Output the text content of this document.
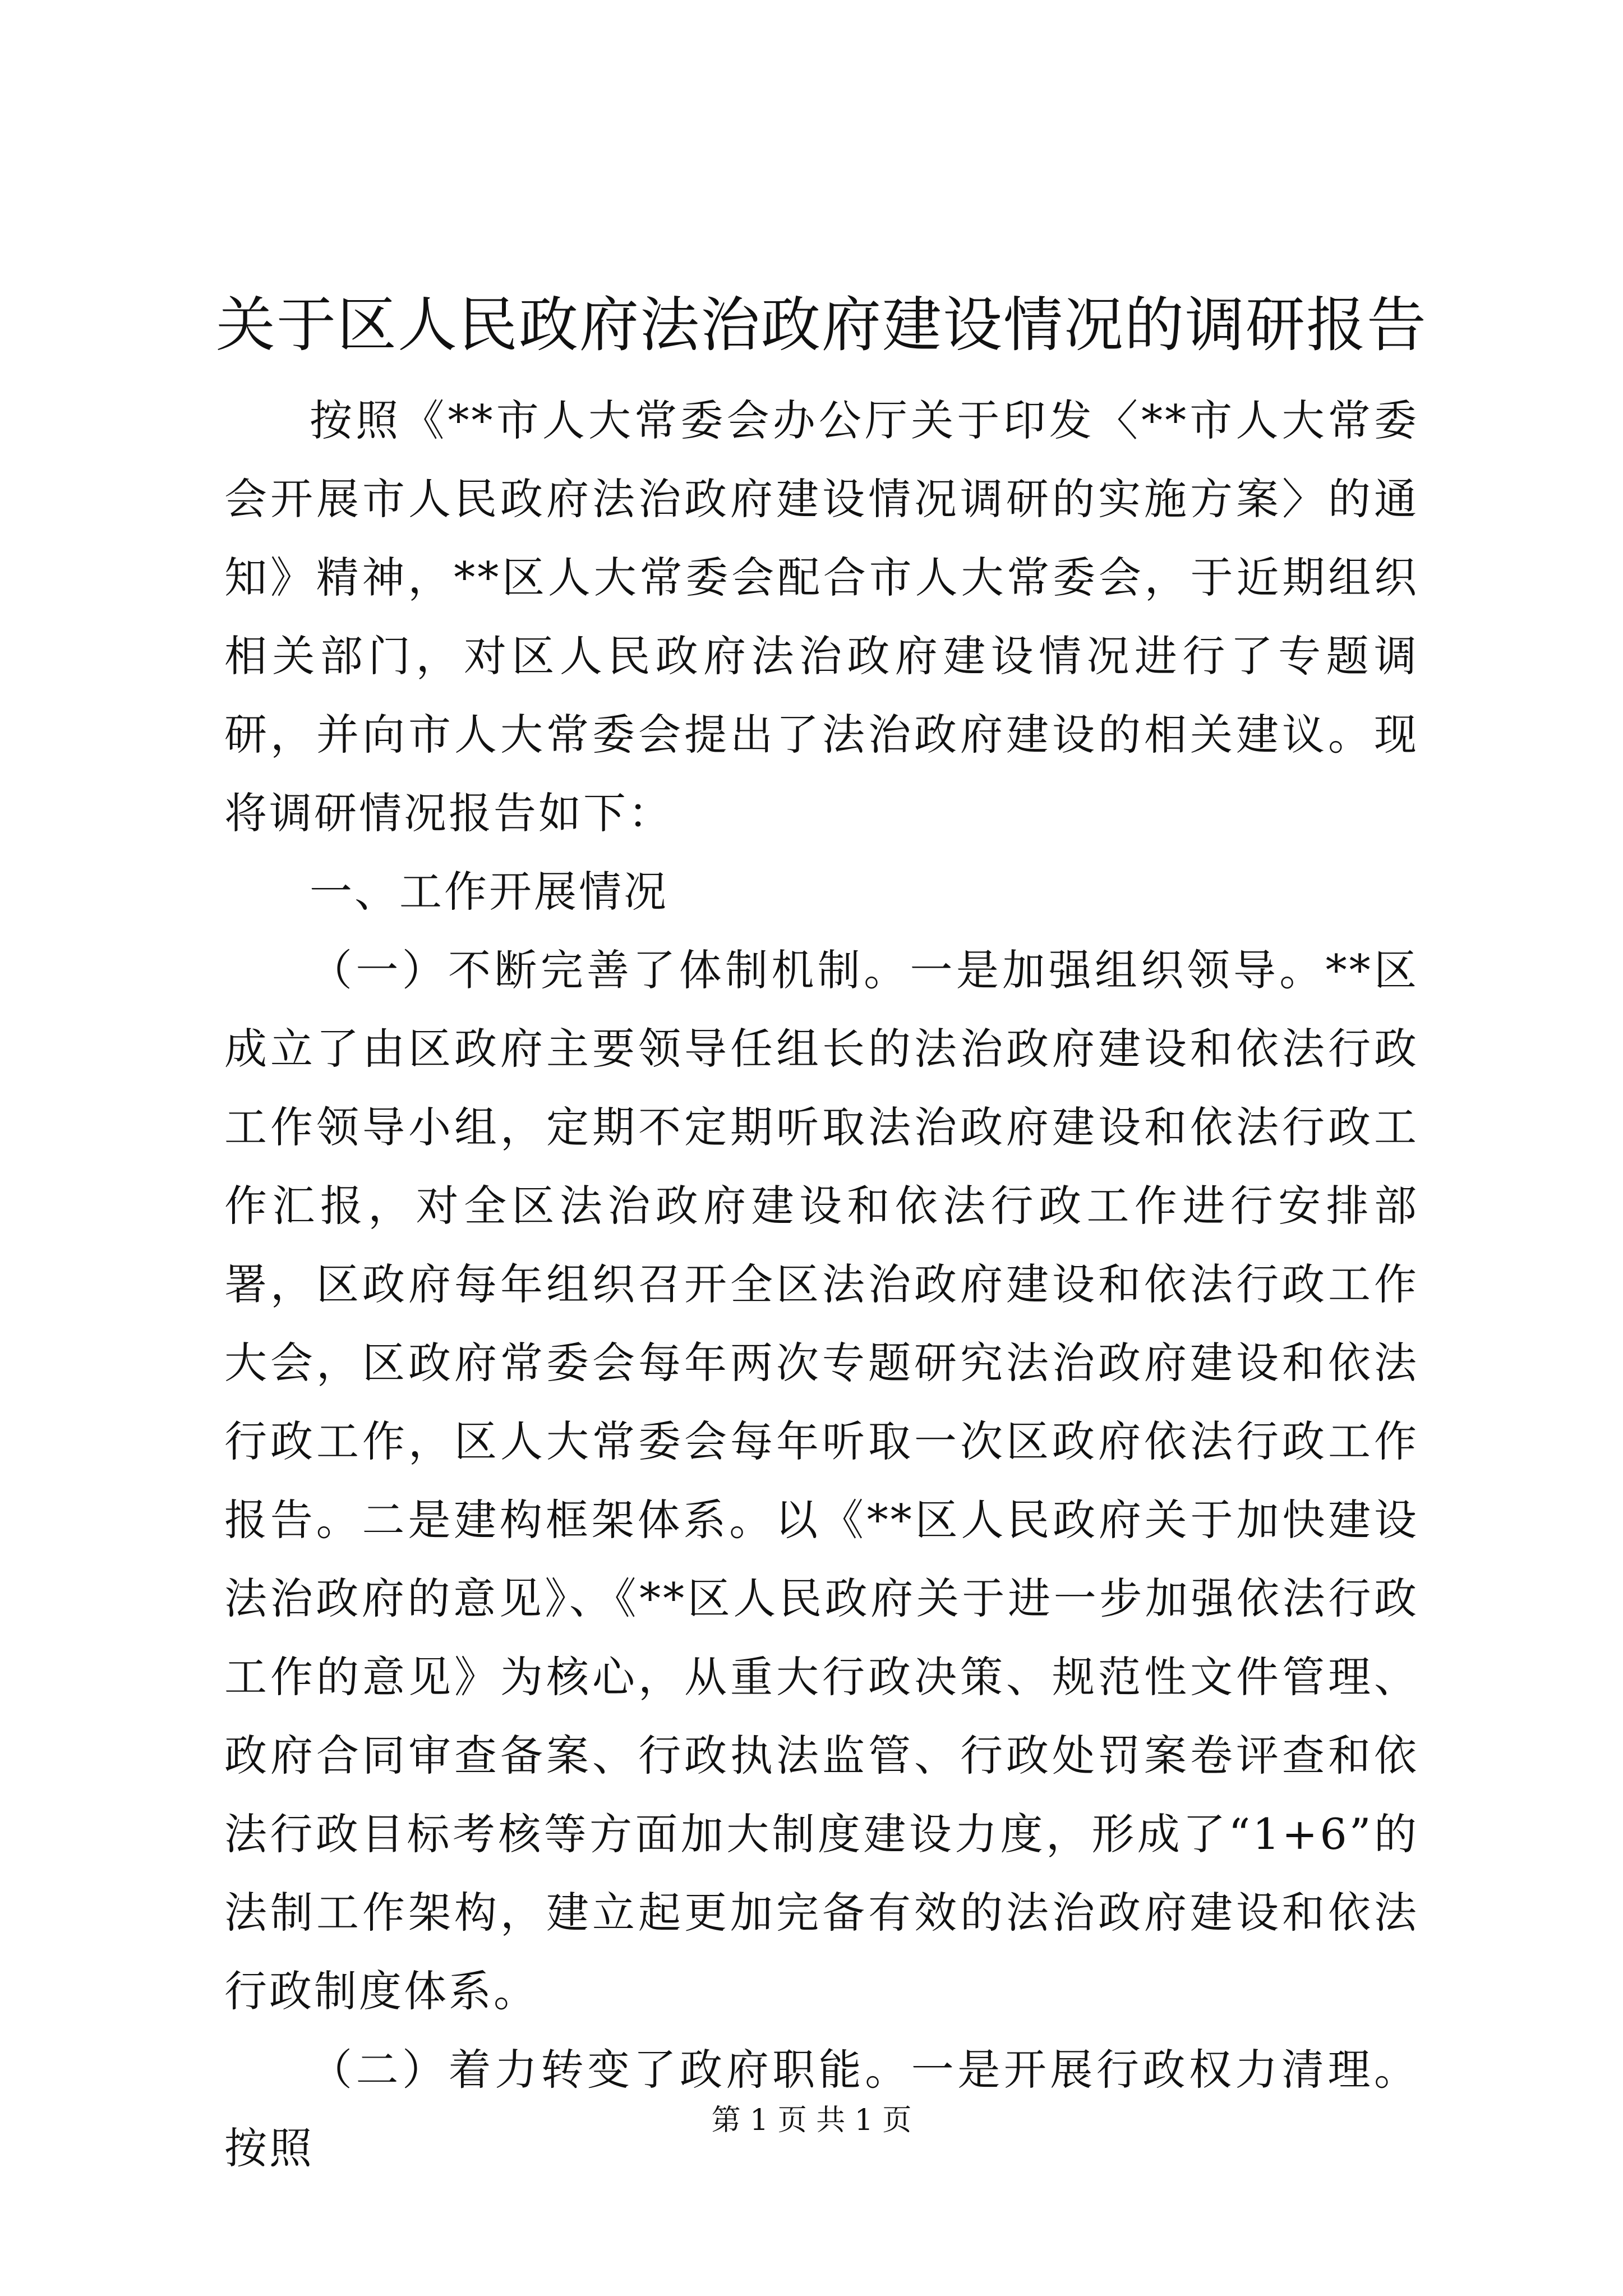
关于区人民政府法治政府建设情况的调研报告

按照《**市人大常委会办公厅关于印发〈**市人大常委会开展市人民政府法治政府建设情况调研的实施方案〉的通知》精神，**区人大常委会配合市人大常委会，于近期组织相关部门，对区人民政府法治政府建设情况进行了专题调研，并向市人大常委会提出了法治政府建设的相关建议。现将调研情况报告如下：

一、工作开展情况

（一）不断完善了体制机制。一是加强组织领导。**区成立了由区政府主要领导任组长的法治政府建设和依法行政工作领导小组，定期不定期听取法治政府建设和依法行政工作汇报，对全区法治政府建设和依法行政工作进行安排部署，区政府每年组织召开全区法治政府建设和依法行政工作大会，区政府常委会每年两次专题研究法治政府建设和依法行政工作，区人大常委会每年听取一次区政府依法行政工作报告。二是建构框架体系。以《**区人民政府关于加快建设法治政府的意见》、《**区人民政府关于进一步加强依法行政工作的意见》为核心，从重大行政决策、规范性文件管理、政府合同审查备案、行政执法监管、行政处罚案卷评查和依法行政目标考核等方面加大制度建设力度，形成了“1+6”的法制工作架构，建立起更加完备有效的法治政府建设和依法行政制度体系。

（二）着力转变了政府职能。一是开展行政权力清理。按照

第 1 页 共 1 页
